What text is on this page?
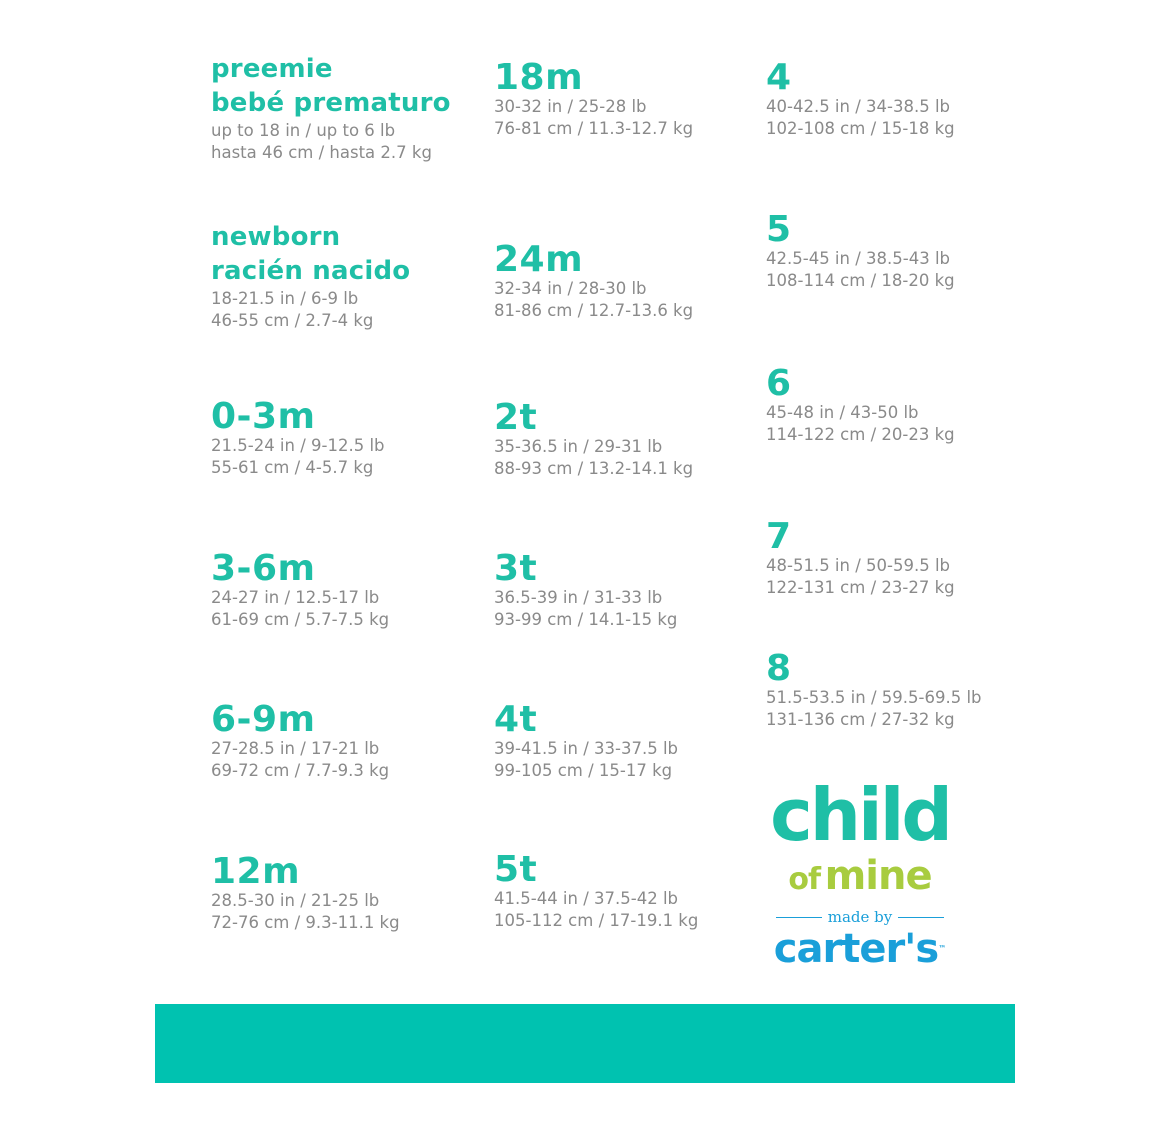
preemie
bebé prematuro
up to 18 in / up to 6 lb
hasta 46 cm / hasta 2.7 kg
newborn
racién nacido
18-21.5 in / 6-9 lb
46-55 cm / 2.7-4 kg
0-3m
21.5-24 in / 9-12.5 lb
55-61 cm / 4-5.7 kg
3-6m
24-27 in / 12.5-17 lb
61-69 cm / 5.7-7.5 kg
6-9m
27-28.5 in / 17-21 lb
69-72 cm / 7.7-9.3 kg
12m
28.5-30 in / 21-25 lb
72-76 cm / 9.3-11.1 kg
18m
30-32 in / 25-28 lb
76-81 cm / 11.3-12.7 kg
24m
32-34 in / 28-30 lb
81-86 cm / 12.7-13.6 kg
2t
35-36.5 in / 29-31 lb
88-93 cm / 13.2-14.1 kg
3t
36.5-39 in / 31-33 lb
93-99 cm / 14.1-15 kg
4t
39-41.5 in / 33-37.5 lb
99-105 cm / 15-17 kg
5t
41.5-44 in / 37.5-42 lb
105-112 cm / 17-19.1 kg
4
40-42.5 in / 34-38.5 lb
102-108 cm / 15-18 kg
5
42.5-45 in / 38.5-43 lb
108-114 cm / 18-20 kg
6
45-48 in / 43-50 lb
114-122 cm / 20-23 kg
7
48-51.5 in / 50-59.5 lb
122-131 cm / 23-27 kg
8
51.5-53.5 in / 59.5-69.5 lb
131-136 cm / 27-32 kg
child
of mine
made by
carter's™
